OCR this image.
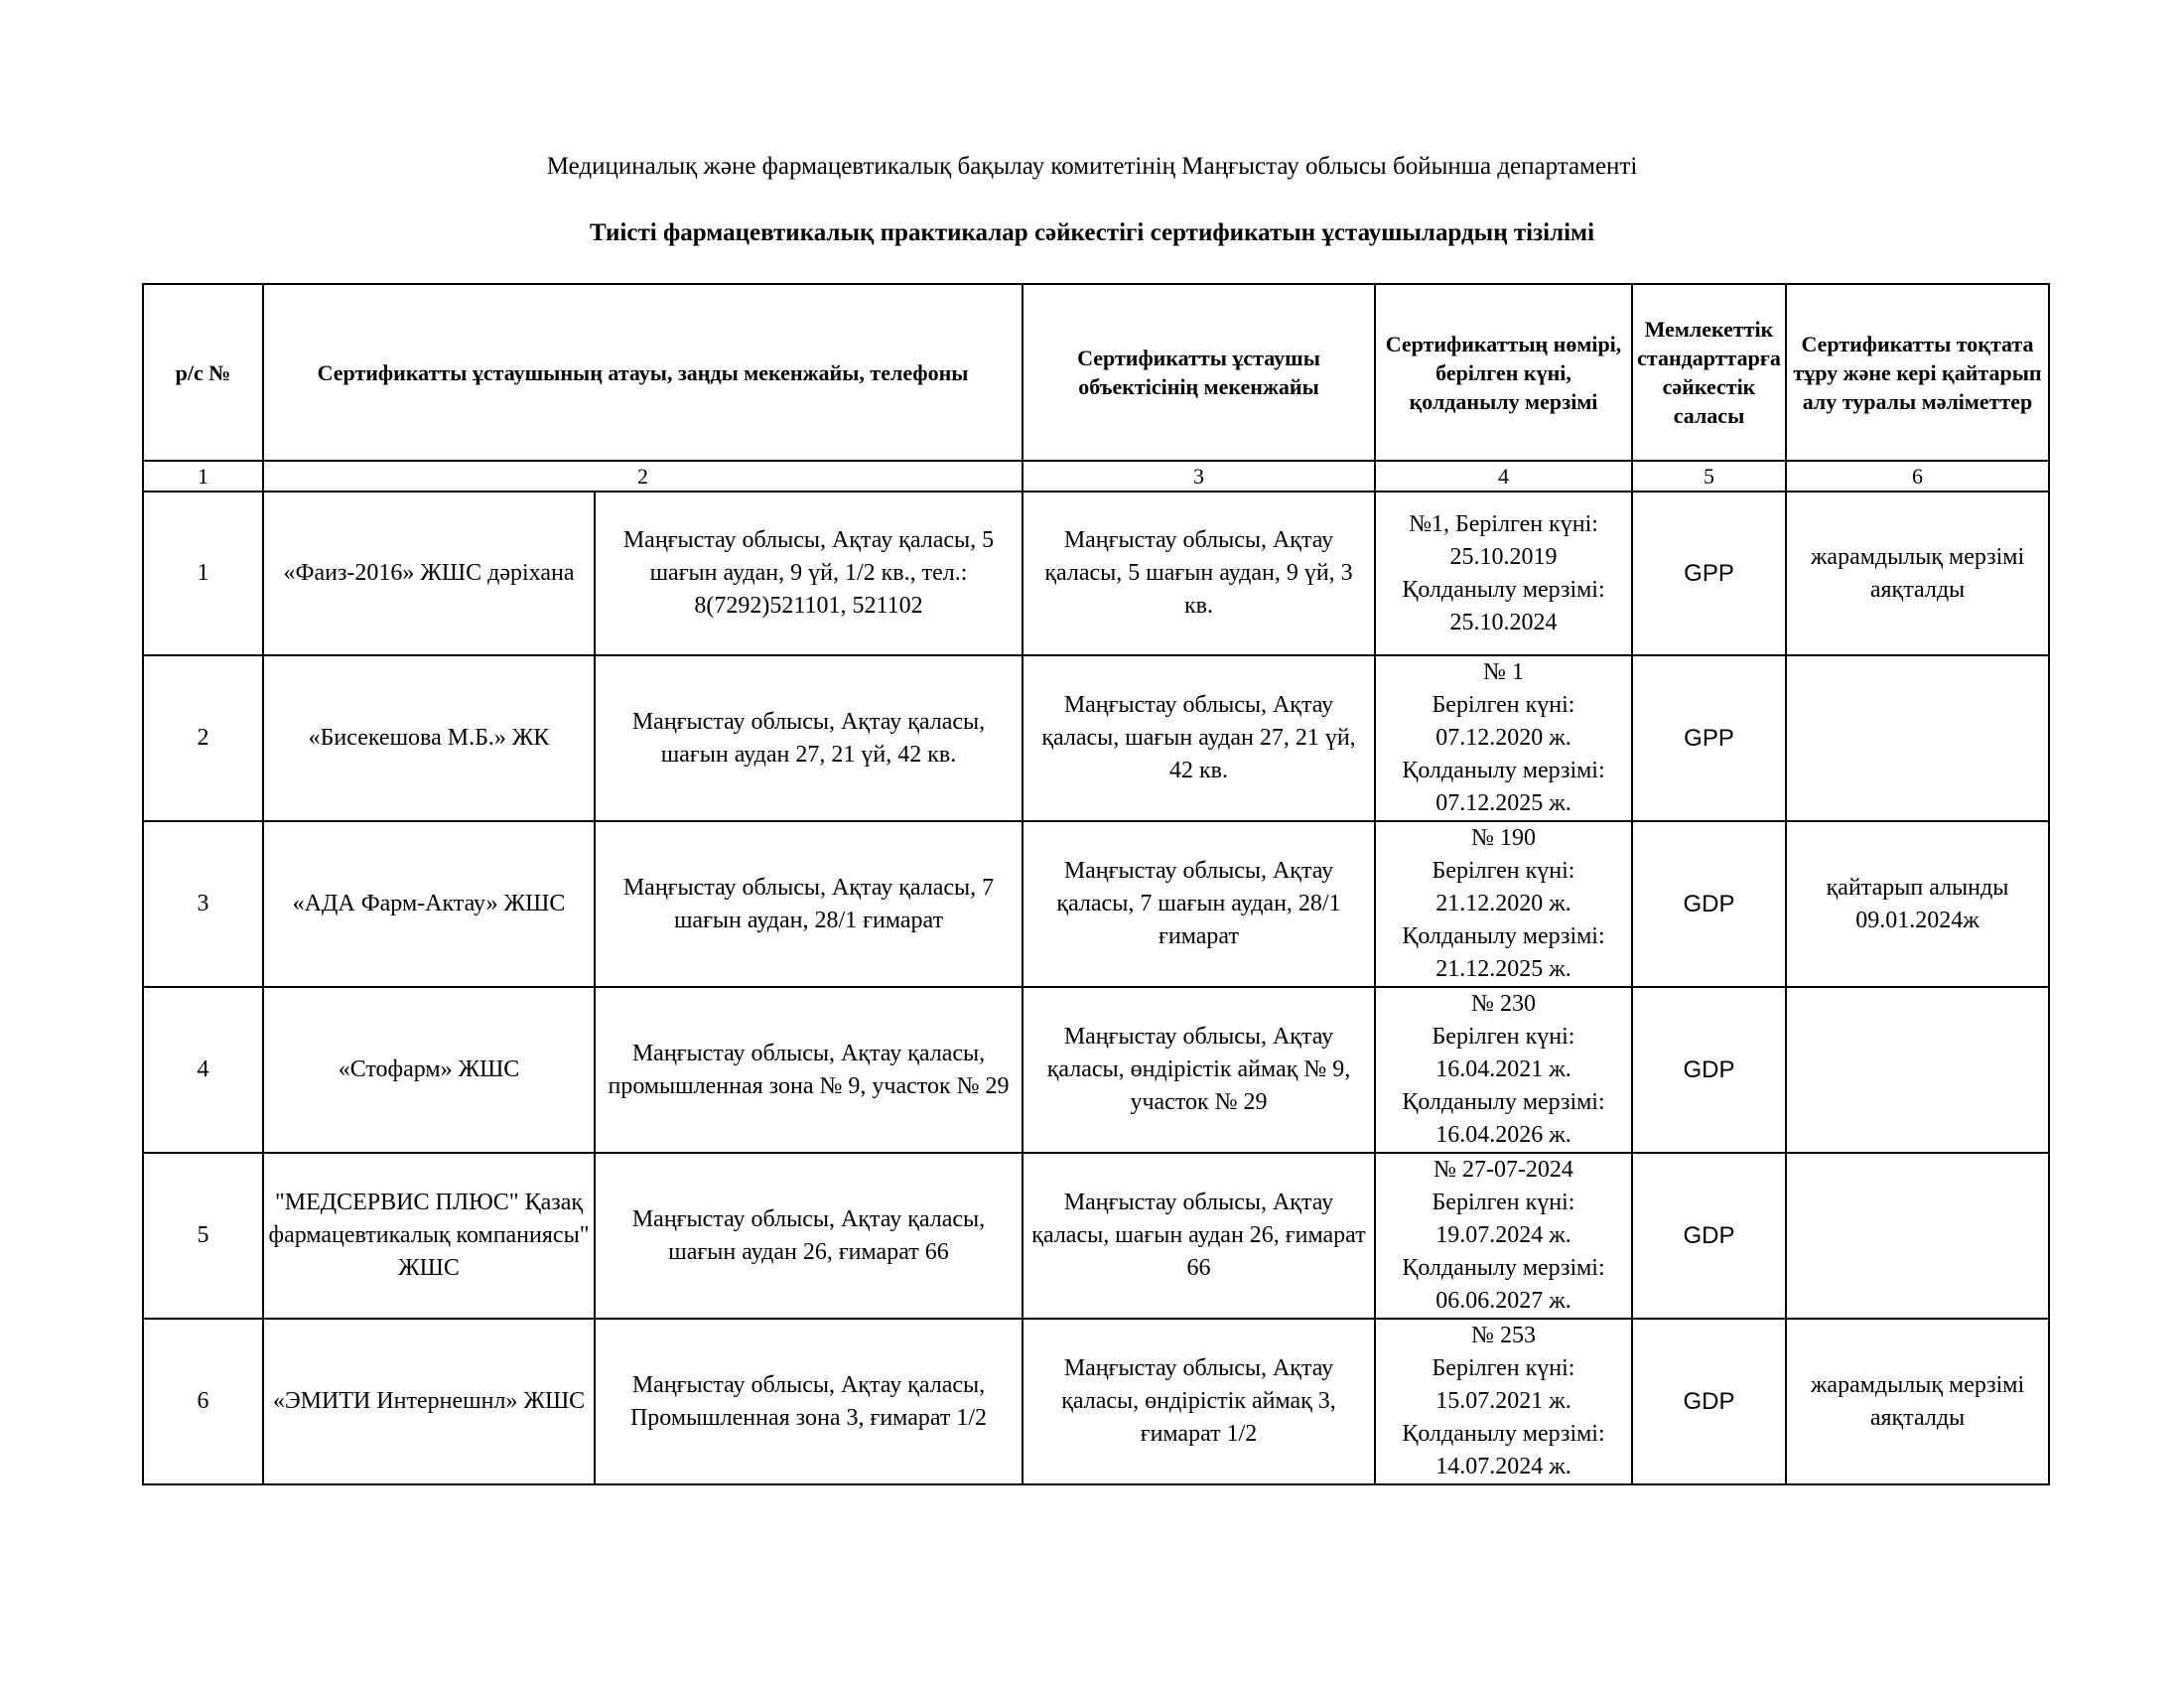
Медициналық және фармацевтикалық бақылау комитетінің Маңғыстау облысы бойынша департаменті
Тиісті фармацевтикалық практикалар сәйкестігі сертификатын ұстаушылардың тізілімі
р/с №	Сертификатты ұстаушының атауы, заңды мекенжайы, телефоны		Сертификатты ұстаушы объектісінің мекенжайы	Сертификаттың нөмірі, берілген күні, қолданылу мерзімі	Мемлекеттік стандарттарға сәйкестік саласы	Сертификатты тоқтата тұру және кері қайтарып алу туралы мәліметтер
1	2		3	4	5	6
1	«Фаиз-2016» ЖШС дәріхана	Маңғыстау облысы, Ақтау қаласы, 5 шағын аудан, 9 үй, 1/2 кв., тел.: 8(7292)521101, 521102	Маңғыстау облысы, Ақтау қаласы, 5 шағын аудан, 9 үй, 3 кв.	№1, Берілген күні:
25.10.2019
Қолданылу мерзімі:
25.10.2024	GPP	жарамдылық мерзімі аяқталды
2	«Бисекешова М.Б.» ЖК	Маңғыстау облысы, Ақтау қаласы, шағын аудан 27, 21 үй, 42 кв.	Маңғыстау облысы, Ақтау қаласы, шағын аудан 27, 21 үй, 42 кв.	№ 1
Берілген күні:
07.12.2020 ж.
Қолданылу мерзімі:
07.12.2025 ж.	GPP	
3	«АДА Фарм-Актау» ЖШС	Маңғыстау облысы, Ақтау қаласы, 7 шағын аудан, 28/1 ғимарат	Маңғыстау облысы, Ақтау қаласы, 7 шағын аудан, 28/1 ғимарат	№ 190
Берілген күні:
21.12.2020 ж.
Қолданылу мерзімі:
21.12.2025 ж.	GDP	қайтарып алынды 09.01.2024ж
4	«Стофарм» ЖШС	Маңғыстау облысы, Ақтау қаласы, промышленная зона № 9, участок № 29	Маңғыстау облысы, Ақтау қаласы, өндірістік аймақ № 9, участок № 29	№ 230
Берілген күні:
16.04.2021 ж.
Қолданылу мерзімі:
16.04.2026 ж.	GDP	
5	"МЕДСЕРВИС ПЛЮС" Қазақ фармацевтикалық компаниясы" ЖШС	Маңғыстау облысы, Ақтау қаласы, шағын аудан 26, ғимарат 66	Маңғыстау облысы, Ақтау қаласы, шағын аудан 26, ғимарат 66	№ 27-07-2024
Берілген күні:
19.07.2024 ж.
Қолданылу мерзімі:
06.06.2027 ж.	GDP	
6	«ЭМИТИ Интернешнл» ЖШС	Маңғыстау облысы, Ақтау қаласы, Промышленная зона 3, ғимарат 1/2	Маңғыстау облысы, Ақтау қаласы, өндірістік аймақ 3, ғимарат 1/2	№ 253
Берілген күні:
15.07.2021 ж.
Қолданылу мерзімі:
14.07.2024 ж.	GDP	жарамдылық мерзімі аяқталды
